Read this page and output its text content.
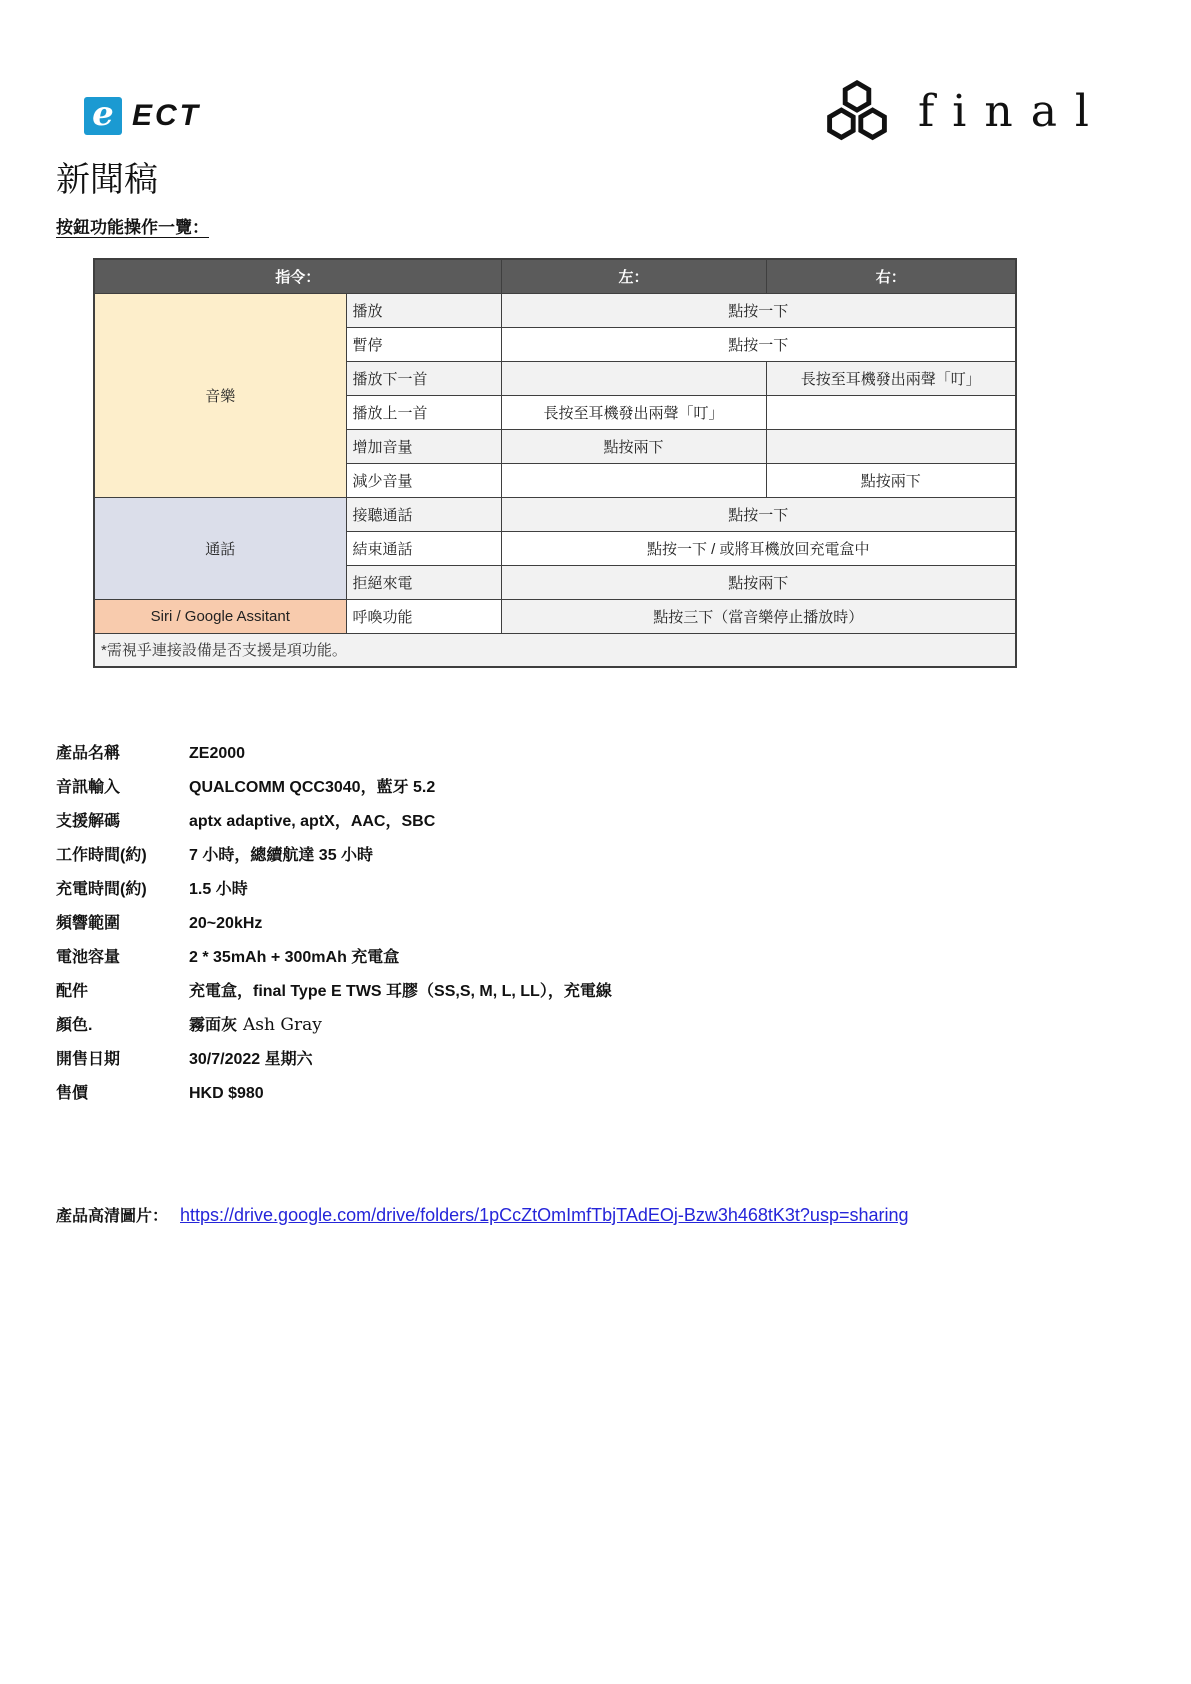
e ECT	final
新聞稿
按鈕功能操作一覽：
指令：		左：	右：
音樂	播放	點按一下	
	暫停	點按一下	
	播放下一首		長按至耳機發出兩聲「叮」
	播放上一首	長按至耳機發出兩聲「叮」	
	增加音量	點按兩下	
	減少音量		點按兩下
通話	接聽通話	點按一下	
	結束通話	點按一下 / 或將耳機放回充電盒中	
	拒絕來電	點按兩下	
Siri / Google Assitant	呼喚功能	點按三下（當音樂停止播放時）	
*需視乎連接設備是否支援是項功能。			
產品名稱	ZE2000
音訊輸入	QUALCOMM QCC3040，藍牙 5.2
支援解碼	aptx adaptive, aptX，AAC，SBC
工作時間(約)	7 小時，總續航達 35 小時
充電時間(約)	1.5 小時
頻響範圍	20~20kHz
電池容量	2 * 35mAh + 300mAh 充電盒
配件	充電盒，final Type E TWS 耳膠（SS,S, M, L, LL），充電線
顏色.	霧面灰 Ash Gray
開售日期	30/7/2022 星期六
售價	HKD $980
產品高清圖片： https://drive.google.com/drive/folders/1pCcZtOmImfTbjTAdEOj-Bzw3h468tK3t?usp=sharing
